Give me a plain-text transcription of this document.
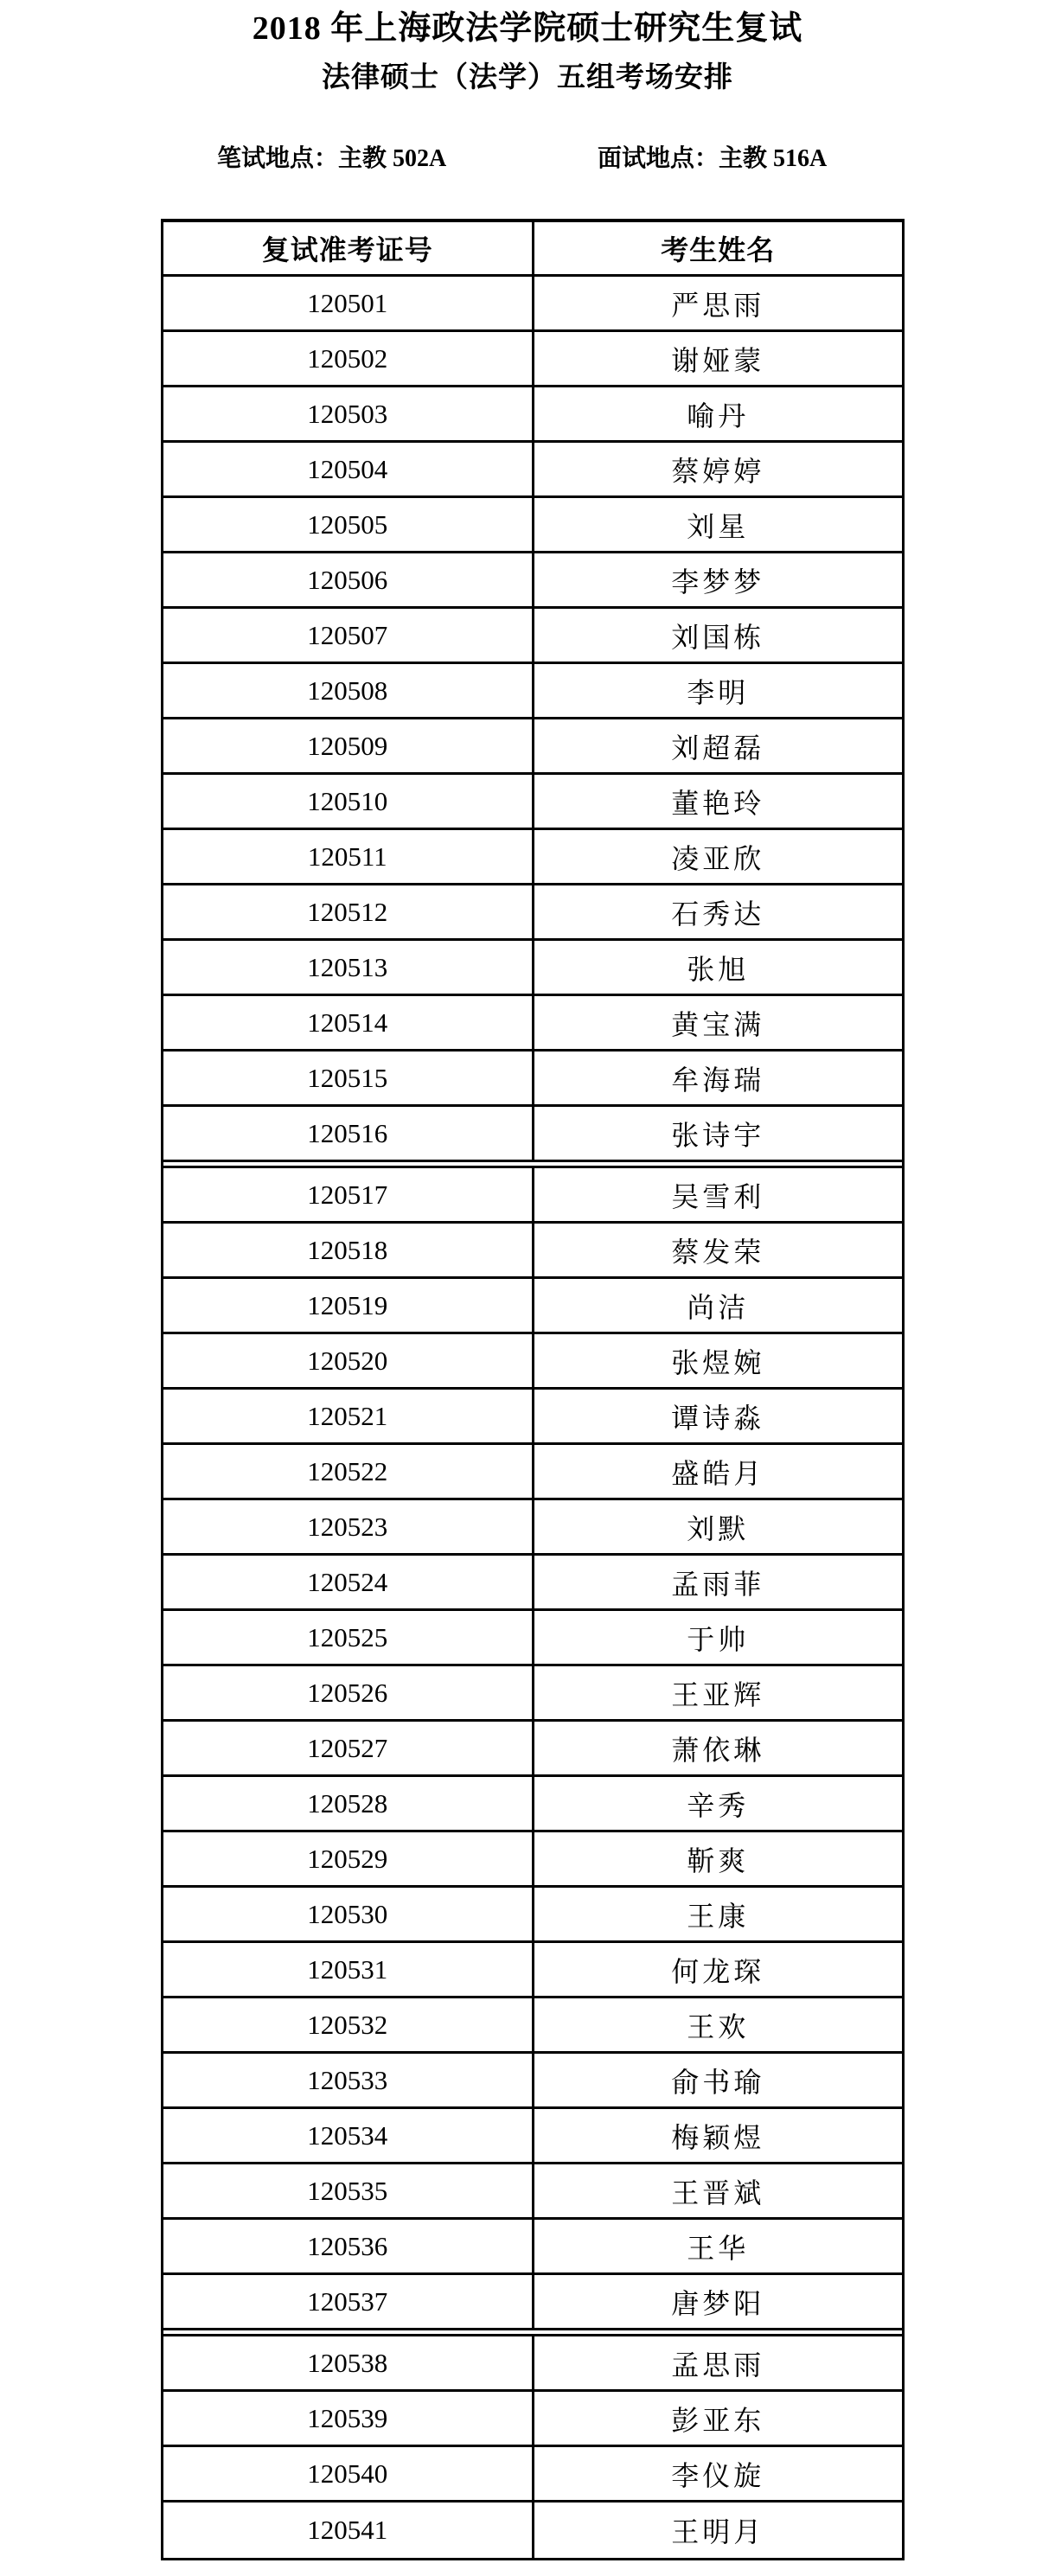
2018 年上海政法学院硕士研究生复试
法律硕士（法学）五组考场安排
笔试地点：主教 502A	面试地点：主教 516A
复试准考证号	考生姓名
120501	严思雨
120502	谢娅蒙
120503	喻丹
120504	蔡婷婷
120505	刘星
120506	李梦梦
120507	刘国栋
120508	李明
120509	刘超磊
120510	董艳玲
120511	凌亚欣
120512	石秀达
120513	张旭
120514	黄宝满
120515	牟海瑞
120516	张诗宇
120517	吴雪利
120518	蔡发荣
120519	尚洁
120520	张煜婉
120521	谭诗淼
120522	盛皓月
120523	刘默
120524	孟雨菲
120525	于帅
120526	王亚辉
120527	萧依琳
120528	辛秀
120529	靳爽
120530	王康
120531	何龙琛
120532	王欢
120533	俞书瑜
120534	梅颖煜
120535	王晋斌
120536	王华
120537	唐梦阳
120538	孟思雨
120539	彭亚东
120540	李仪旋
120541	王明月
